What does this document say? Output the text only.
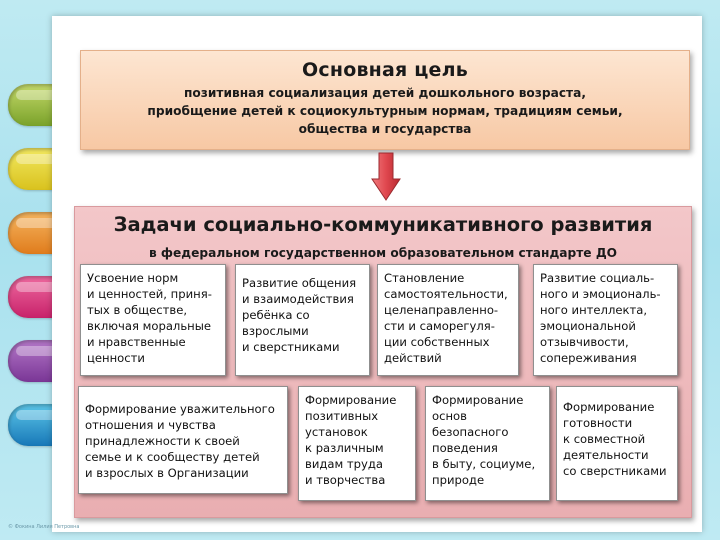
Основная цель
позитивная социализация детей дошкольного возраста,
приобщение детей к социокультурным нормам, традициям семьи,
общества и государства
Задачи социально-коммуникативного развития
в федеральном государственном образовательном стандарте ДО
Усвоение норм
и ценностей, приня-
тых в обществе,
включая моральные
и нравственные
ценности
Развитие общения
и взаимодействия
ребёнка со
взрослыми
и сверстниками
Становление
самостоятельности,
целенаправленно-
сти и саморегуля-
ции собственных
действий
Развитие социаль-
ного и эмоциональ-
ного интеллекта,
эмоциональной
отзывчивости,
сопереживания
Формирование уважительного
отношения и чувства
принадлежности к своей
семье и к сообществу детей
и взрослых в Организации
Формирование
позитивных
установок
к различным
видам труда
и творчества
Формирование
основ
безопасного
поведения
в быту, социуме,
природе
Формирование
готовности
к совместной
деятельности
со сверстниками
© Фокина Лилия Петровна
